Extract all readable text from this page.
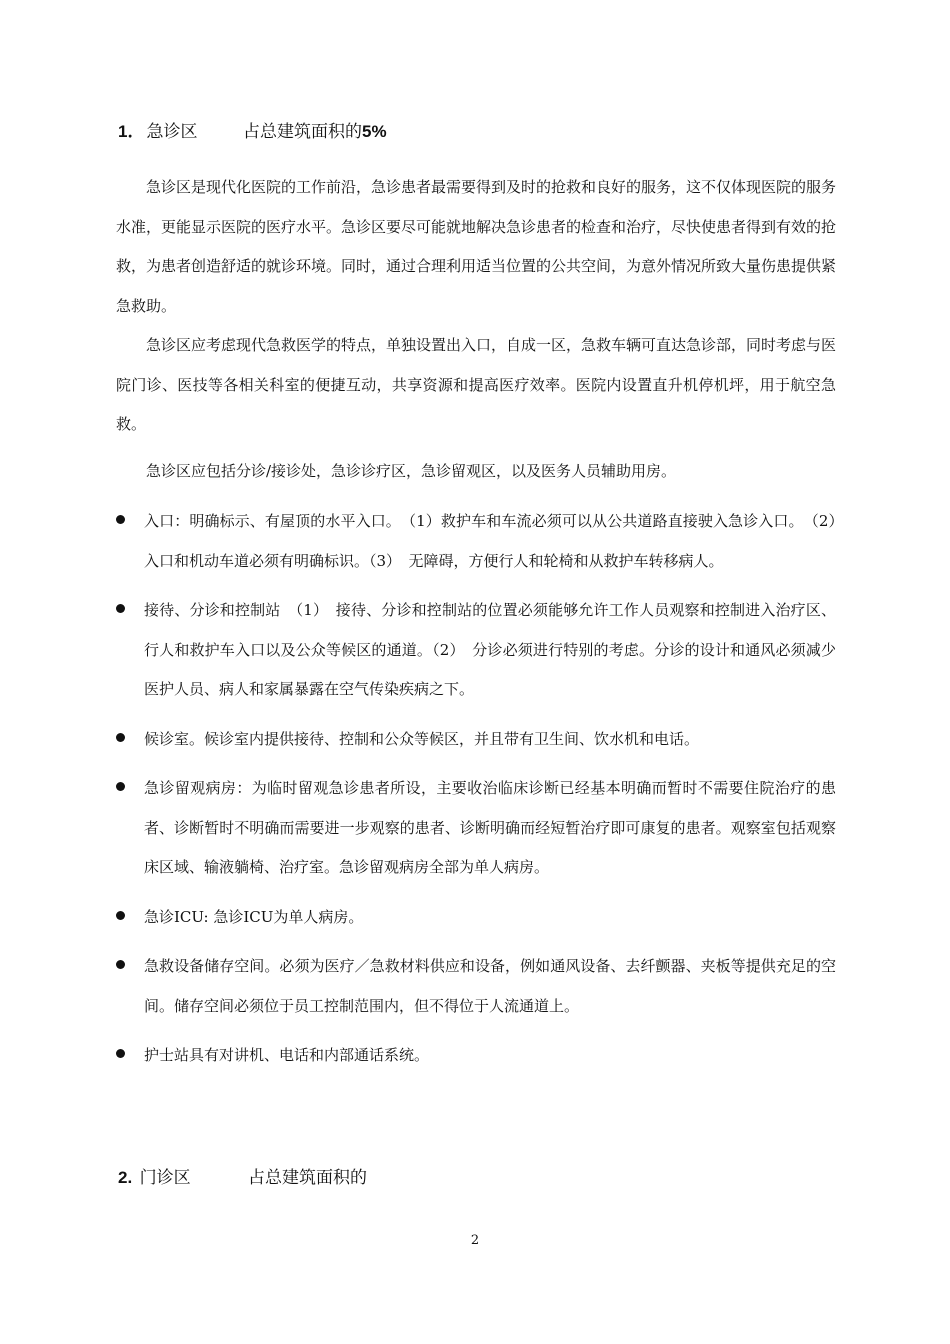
1． 急诊区	占总建筑面积的5%

急诊区是现代化医院的工作前沿，急诊患者最需要得到及时的抢救和良好的服务，这不仅体现医院的服务水准，更能显示医院的医疗水平。急诊区要尽可能就地解决急诊患者的检查和治疗，尽快使患者得到有效的抢救，为患者创造舒适的就诊环境。同时，通过合理利用适当位置的公共空间，为意外情况所致大量伤患提供紧急救助。

急诊区应考虑现代急救医学的特点，单独设置出入口，自成一区，急救车辆可直达急诊部，同时考虑与医院门诊、医技等各相关科室的便捷互动，共享资源和提高医疗效率。医院内设置直升机停机坪，用于航空急救。

急诊区应包括分诊/接诊处，急诊诊疗区，急诊留观区，以及医务人员辅助用房。

入口：明确标示、有屋顶的水平入口。　（1）救护车和车流必须可以从公共道路直接驶入急诊入口。　（2）入口和机动车道必须有明确标识。（3）　无障碍，方便行人和轮椅和从救护车转移病人。
接待、分诊和控制站　（1）　接待、分诊和控制站的位置必须能够允许工作人员观察和控制进入治疗区、行人和救护车入口以及公众等候区的通道。（2）　分诊必须进行特别的考虑。分诊的设计和通风必须减少医护人员、病人和家属暴露在空气传染疾病之下。
候诊室。候诊室内提供接待、控制和公众等候区，并且带有卫生间、饮水机和电话。
急诊留观病房：为临时留观急诊患者所设，主要收治临床诊断已经基本明确而暂时不需要住院治疗的患者、诊断暂时不明确而需要进一步观察的患者、诊断明确而经短暂治疗即可康复的患者。观察室包括观察床区域、输液躺椅、治疗室。急诊留观病房全部为单人病房。
急诊ICU: 急诊ICU为单人病房。
急救设备储存空间。必须为医疗／急救材料供应和设备，例如通风设备、去纤颤器、夹板等提供充足的空间。储存空间必须位于员工控制范围内，但不得位于人流通道上。
护士站具有对讲机、电话和内部通话系统。
2. 门诊区	占总建筑面积的
2
